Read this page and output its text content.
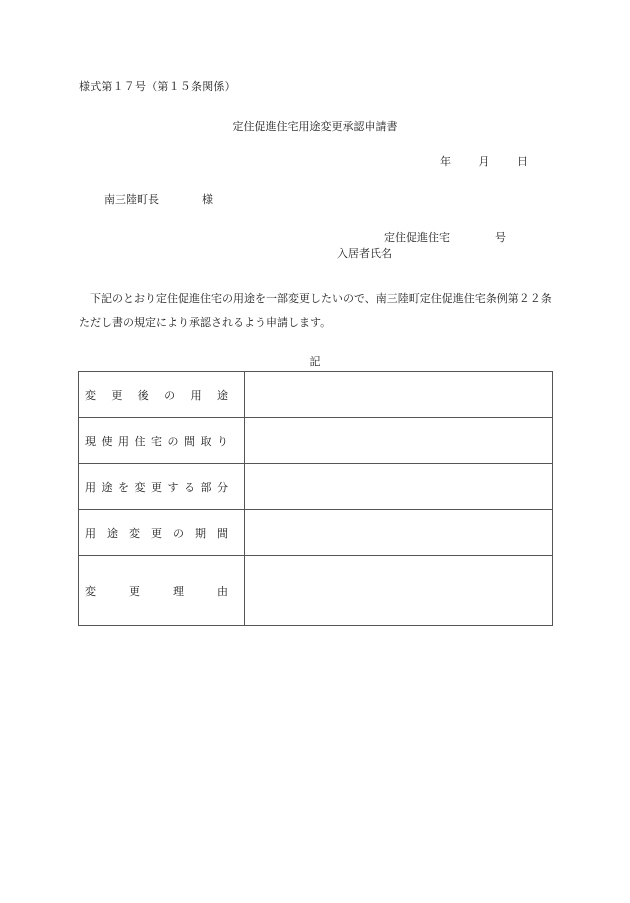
様式第１７号（第１５条関係）
定住促進住宅用途変更承認申請書
年	月	日
南三陸町長	様
定住促進住宅	号
入居者氏名
下記のとおり定住促進住宅の用途を一部変更したいので、南三陸町定住促進住宅条例第２２条ただし書の規定により承認されるよう申請します。
記
変 更 後 の 用 途

現 使 用 住 宅 の 間 取 り

用 途 を 変 更 す る 部 分

用 途 変 更 の 期 間

変 更 理 由	
